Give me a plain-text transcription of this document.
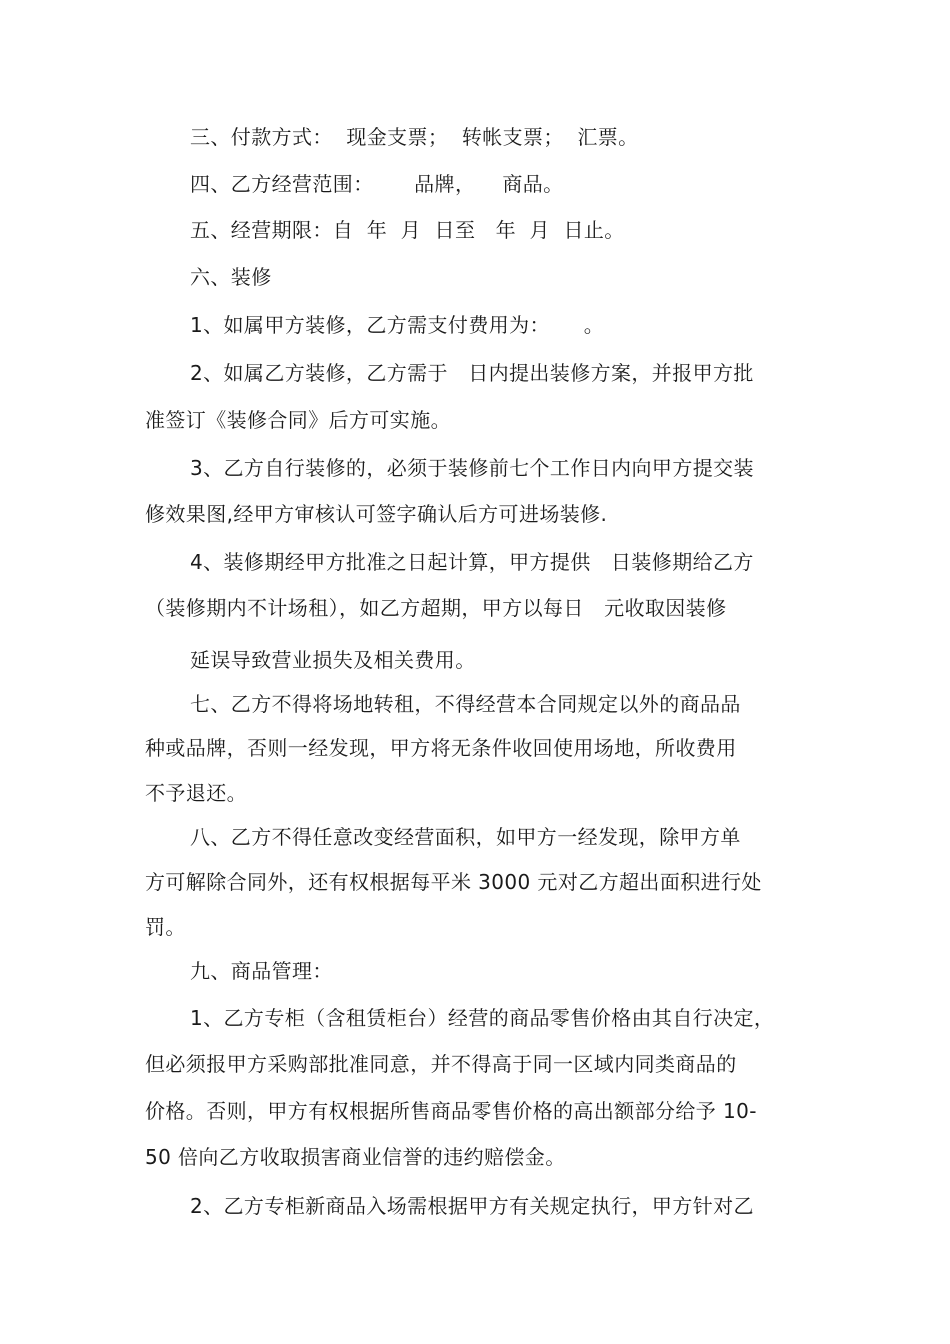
三、付款方式：  现金支票；  转帐支票；  汇票。
四、乙方经营范围：      品牌，    商品。
五、经营期限：自  年  月  日至   年  月  日止。
六、装修
1、如属甲方装修，乙方需支付费用为：     。
2、如属乙方装修，乙方需于   日内提出装修方案，并报甲方批
准签订《装修合同》后方可实施。
3、乙方自行装修的，必须于装修前七个工作日内向甲方提交装
修效果图,经甲方审核认可签字确认后方可进场装修.
4、装修期经甲方批准之日起计算，甲方提供   日装修期给乙方
（装修期内不计场租），如乙方超期，甲方以每日   元收取因装修
延误导致营业损失及相关费用。
七、乙方不得将场地转租，不得经营本合同规定以外的商品品
种或品牌，否则一经发现，甲方将无条件收回使用场地，所收费用
不予退还。
八、乙方不得任意改变经营面积，如甲方一经发现，除甲方单
方可解除合同外，还有权根据每平米 3000 元对乙方超出面积进行处
罚。
九、商品管理：
1、乙方专柜（含租赁柜台）经营的商品零售价格由其自行决定，
但必须报甲方采购部批准同意，并不得高于同一区域内同类商品的
价格。否则，甲方有权根据所售商品零售价格的高出额部分给予 10-
50 倍向乙方收取损害商业信誉的违约赔偿金。
2、乙方专柜新商品入场需根据甲方有关规定执行，甲方针对乙
